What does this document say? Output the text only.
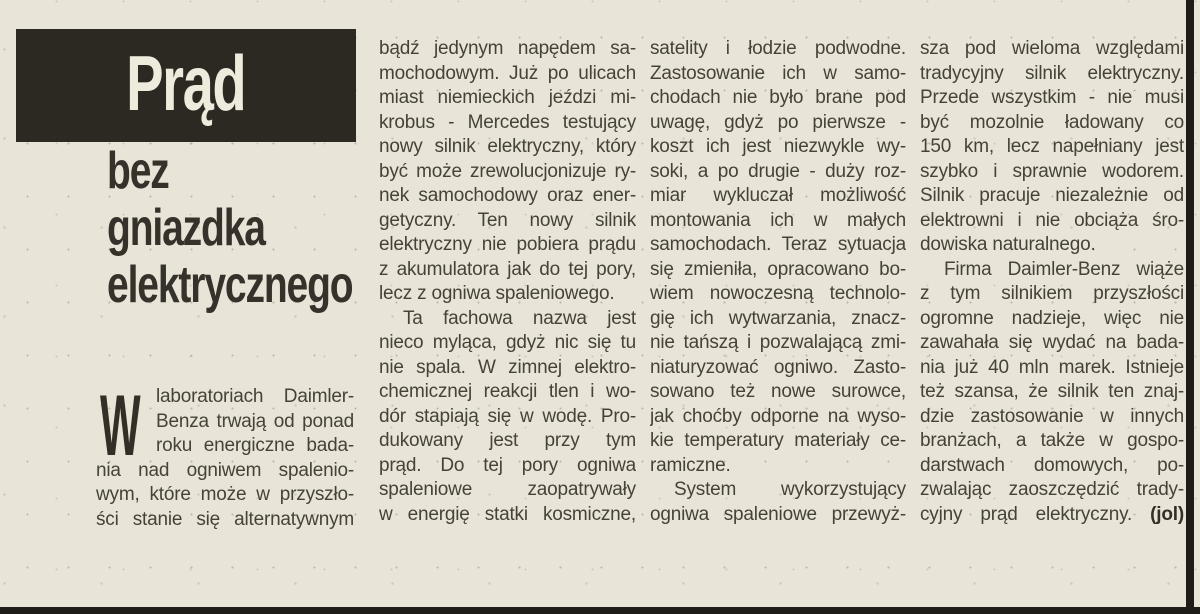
Prąd
bez
gniazdka
elektrycznego
W laboratoriach Daimler-
Benza trwają od ponad
roku energiczne bada-
nia nad ogniwem spalenio-
wym, które może w przyszło-
ści stanie się alternatywnym
bądź jedynym napędem sa-
mochodowym. Już po ulicach
miast niemieckich jeździ mi-
krobus - Mercedes testujący
nowy silnik elektryczny, który
być może zrewolucjonizuje ry-
nek samochodowy oraz ener-
getyczny. Ten nowy silnik
elektryczny nie pobiera prądu
z akumulatora jak do tej pory,
lecz z ogniwa spaleniowego.
Ta fachowa nazwa jest
nieco myląca, gdyż nic się tu
nie spala. W zimnej elektro-
chemicznej reakcji tlen i wo-
dór stapiają się w wodę. Pro-
dukowany jest przy tym
prąd. Do tej pory ogniwa
spaleniowe zaopatrywały
w energię statki kosmiczne,
satelity i łodzie podwodne.
Zastosowanie ich w samo-
chodach nie było brane pod
uwagę, gdyż po pierwsze -
koszt ich jest niezwykle wy-
soki, a po drugie - duży roz-
miar wykluczał możliwość
montowania ich w małych
samochodach. Teraz sytuacja
się zmieniła, opracowano bo-
wiem nowoczesną technolo-
gię ich wytwarzania, znacz-
nie tańszą i pozwalającą zmi-
niaturyzować ogniwo. Zasto-
sowano też nowe surowce,
jak choćby odporne na wyso-
kie temperatury materiały ce-
ramiczne.
System wykorzystujący
ogniwa spaleniowe przewyż-
sza pod wieloma względami
tradycyjny silnik elektryczny.
Przede wszystkim - nie musi
być mozolnie ładowany co
150 km, lecz napełniany jest
szybko i sprawnie wodorem.
Silnik pracuje niezależnie od
elektrowni i nie obciąża śro-
dowiska naturalnego.
Firma Daimler-Benz wiąże
z tym silnikiem przyszłości
ogromne nadzieje, więc nie
zawahała się wydać na bada-
nia już 40 mln marek. Istnieje
też szansa, że silnik ten znaj-
dzie zastosowanie w innych
branżach, a także w gospo-
darstwach domowych, po-
zwalając zaoszczędzić trady-
cyjny prąd elektryczny. (jol)
